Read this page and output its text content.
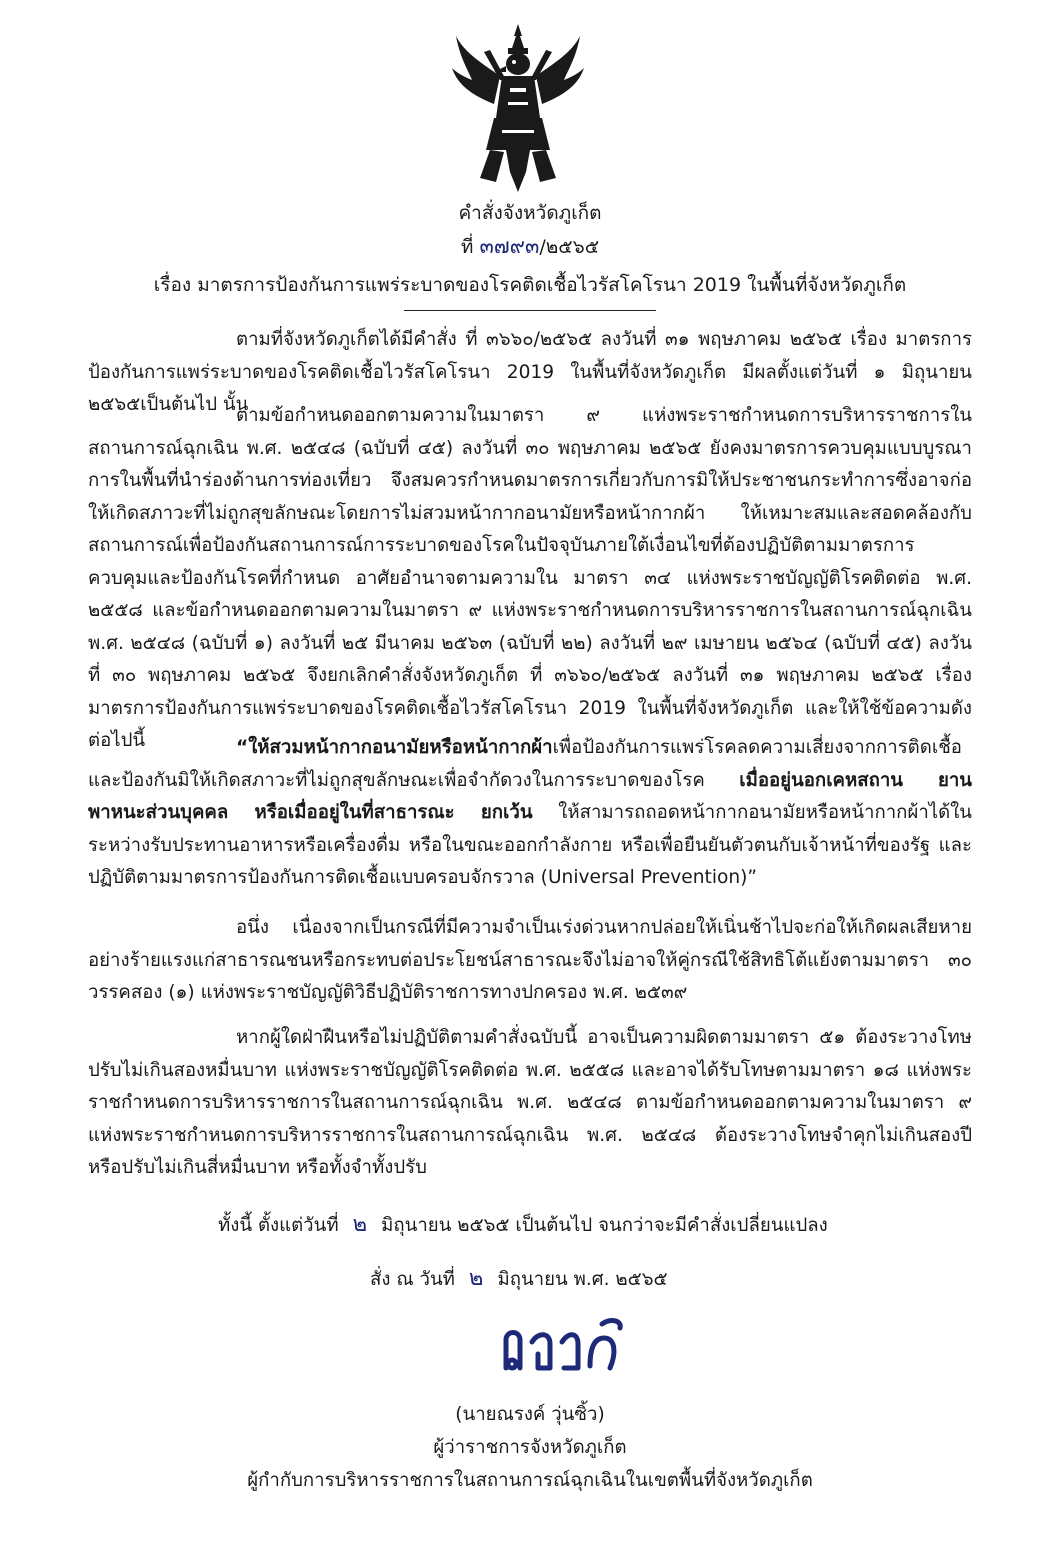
คำสั่งจังหวัดภูเก็ต
ที่ ๓๗๙๓/๒๕๖๕
เรื่อง มาตรการป้องกันการแพร่ระบาดของโรคติดเชื้อไวรัสโคโรนา 2019 ในพื้นที่จังหวัดภูเก็ต

ตามที่จังหวัดภูเก็ตได้มีคำสั่ง ที่ ๓๖๖๐/๒๕๖๕ ลงวันที่ ๓๑ พฤษภาคม ๒๕๖๕ เรื่อง มาตรการป้องกันการแพร่ระบาดของโรคติดเชื้อไวรัสโคโรนา 2019 ในพื้นที่จังหวัดภูเก็ต มีผลตั้งแต่วันที่ ๑ มิถุนายน ๒๕๖๕เป็นต้นไป นั้น

ตามข้อกำหนดออกตามความในมาตรา ๙ แห่งพระราชกำหนดการบริหารราชการในสถานการณ์ฉุกเฉิน พ.ศ. ๒๕๔๘ (ฉบับที่ ๔๕) ลงวันที่ ๓๐ พฤษภาคม ๒๕๖๕ ยังคงมาตรการควบคุมแบบบูรณาการในพื้นที่นำร่องด้านการท่องเที่ยว จึงสมควรกำหนดมาตรการเกี่ยวกับการมิให้ประชาชนกระทำการซึ่งอาจก่อให้เกิดสภาวะที่ไม่ถูกสุขลักษณะโดยการไม่สวมหน้ากากอนามัยหรือหน้ากากผ้า ให้เหมาะสมและสอดคล้องกับสถานการณ์เพื่อป้องกันสถานการณ์การระบาดของโรคในปัจจุบันภายใต้เงื่อนไขที่ต้องปฏิบัติตามมาตรการควบคุมและป้องกันโรคที่กำหนด อาศัยอำนาจตามความใน มาตรา ๓๔ แห่งพระราชบัญญัติโรคติดต่อ พ.ศ. ๒๕๕๘ และข้อกำหนดออกตามความในมาตรา ๙ แห่งพระราชกำหนดการบริหารราชการในสถานการณ์ฉุกเฉิน พ.ศ. ๒๕๔๘ (ฉบับที่ ๑) ลงวันที่ ๒๕ มีนาคม ๒๕๖๓ (ฉบับที่ ๒๒) ลงวันที่ ๒๙ เมษายน ๒๕๖๔ (ฉบับที่ ๔๕) ลงวันที่ ๓๐ พฤษภาคม ๒๕๖๕ จึงยกเลิกคำสั่งจังหวัดภูเก็ต ที่ ๓๖๖๐/๒๕๖๕ ลงวันที่ ๓๑ พฤษภาคม ๒๕๖๕ เรื่อง มาตรการป้องกันการแพร่ระบาดของโรคติดเชื้อไวรัสโคโรนา 2019 ในพื้นที่จังหวัดภูเก็ต และให้ใช้ข้อความดังต่อไปนี้	“ให้สวมหน้ากากอนามัยหรือหน้ากากผ้าเพื่อป้องกันการแพร่โรคลดความเสี่ยงจากการติดเชื้อและป้องกันมิให้เกิดสภาวะที่ไม่ถูกสุขลักษณะเพื่อจำกัดวงในการระบาดของโรค เมื่ออยู่นอกเคหสถาน ยานพาหนะส่วนบุคคล หรือเมื่ออยู่ในที่สาธารณะ ยกเว้น ให้สามารถถอดหน้ากากอนามัยหรือหน้ากากผ้าได้ในระหว่างรับประทานอาหารหรือเครื่องดื่ม หรือในขณะออกกำลังกาย หรือเพื่อยืนยันตัวตนกับเจ้าหน้าที่ของรัฐ และปฏิบัติตามมาตรการป้องกันการติดเชื้อแบบครอบจักรวาล (Universal Prevention)”

อนึ่ง เนื่องจากเป็นกรณีที่มีความจำเป็นเร่งด่วนหากปล่อยให้เนิ่นช้าไปจะก่อให้เกิดผลเสียหายอย่างร้ายแรงแก่สาธารณชนหรือกระทบต่อประโยชน์สาธารณะจึงไม่อาจให้คู่กรณีใช้สิทธิโต้แย้งตามมาตรา ๓๐ วรรคสอง (๑) แห่งพระราชบัญญัติวิธีปฏิบัติราชการทางปกครอง พ.ศ. ๒๕๓๙

หากผู้ใดฝ่าฝืนหรือไม่ปฏิบัติตามคำสั่งฉบับนี้ อาจเป็นความผิดตามมาตรา ๕๑ ต้องระวางโทษปรับไม่เกินสองหมื่นบาท แห่งพระราชบัญญัติโรคติดต่อ พ.ศ. ๒๕๕๘ และอาจได้รับโทษตามมาตรา ๑๘ แห่งพระราชกำหนดการบริหารราชการในสถานการณ์ฉุกเฉิน พ.ศ. ๒๕๔๘ ตามข้อกำหนดออกตามความในมาตรา ๙ แห่งพระราชกำหนดการบริหารราชการในสถานการณ์ฉุกเฉิน พ.ศ. ๒๕๔๘ ต้องระวางโทษจำคุกไม่เกินสองปี หรือปรับไม่เกินสี่หมื่นบาท หรือทั้งจำทั้งปรับ

ทั้งนี้ ตั้งแต่วันที่ ๒ มิถุนายน ๒๕๖๕ เป็นต้นไป จนกว่าจะมีคำสั่งเปลี่ยนแปลง
สั่ง ณ วันที่ ๒ มิถุนายน พ.ศ. ๒๕๖๕
(นายณรงค์ วุ่นซิ้ว)
ผู้ว่าราชการจังหวัดภูเก็ต
ผู้กำกับการบริหารราชการในสถานการณ์ฉุกเฉินในเขตพื้นที่จังหวัดภูเก็ต
